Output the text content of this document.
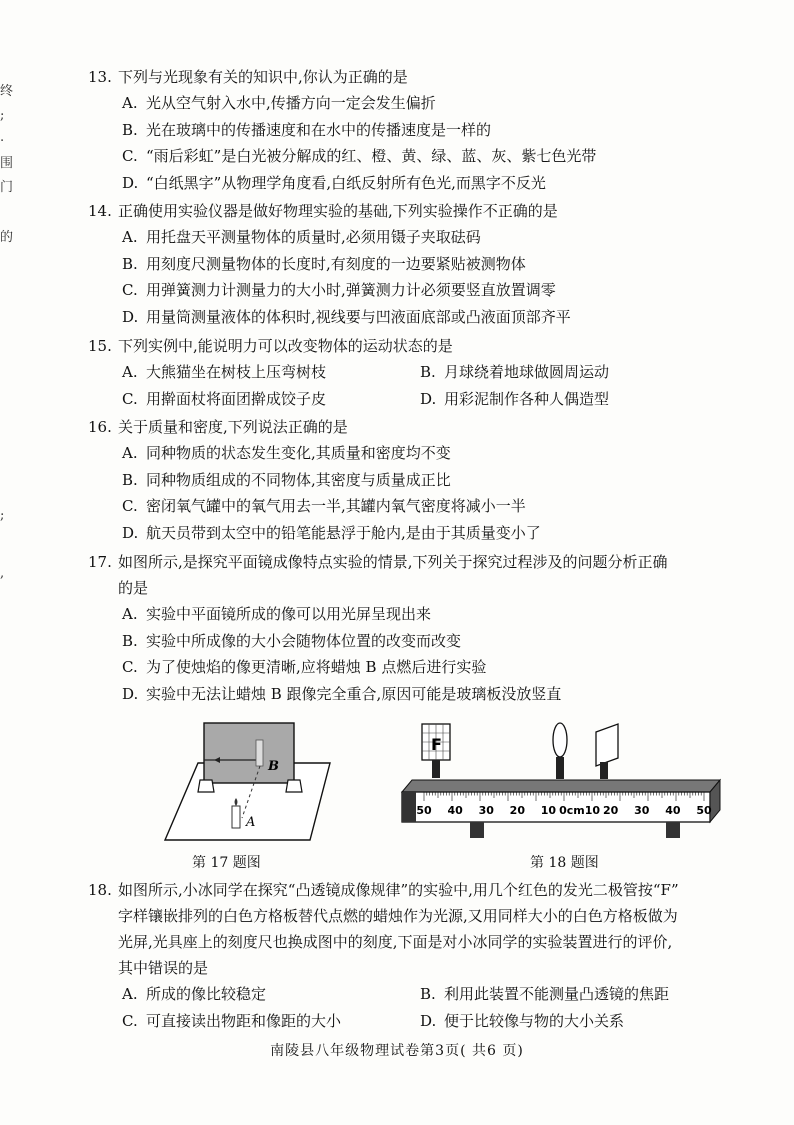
终
;
.
围
门
的
;
,

13. 下列与光现象有关的知识中,你认为正确的是

A. 光从空气射入水中,传播方向一定会发生偏折

B. 光在玻璃中的传播速度和在水中的传播速度是一样的

C. “雨后彩虹”是白光被分解成的红、橙、黄、绿、蓝、灰、紫七色光带

D. “白纸黑字”从物理学角度看,白纸反射所有色光,而黑字不反光

14. 正确使用实验仪器是做好物理实验的基础,下列实验操作不正确的是

A. 用托盘天平测量物体的质量时,必须用镊子夹取砝码

B. 用刻度尺测量物体的长度时,有刻度的一边要紧贴被测物体

C. 用弹簧测力计测量力的大小时,弹簧测力计必须要竖直放置调零

D. 用量筒测量液体的体积时,视线要与凹液面底部或凸液面顶部齐平

15. 下列实例中,能说明力可以改变物体的运动状态的是

A. 大熊猫坐在树枝上压弯树枝	B. 月球绕着地球做圆周运动

C. 用擀面杖将面团擀成饺子皮	D. 用彩泥制作各种人偶造型

16. 关于质量和密度,下列说法正确的是

A. 同种物质的状态发生变化,其质量和密度均不变

B. 同种物质组成的不同物体,其密度与质量成正比

C. 密闭氧气罐中的氧气用去一半,其罐内氧气密度将减小一半

D. 航天员带到太空中的铅笔能悬浮于舱内,是由于其质量变小了

17. 如图所示,是探究平面镜成像特点实验的情景,下列关于探究过程涉及的问题分析正确

的是

A. 实验中平面镜所成的像可以用光屏呈现出来

B. 实验中所成像的大小会随物体位置的改变而改变

C. 为了使烛焰的像更清晰,应将蜡烛 B 点燃后进行实验

D. 实验中无法让蜡烛 B 跟像完全重合,原因可能是玻璃板没放竖直

B
A
第 17 题图
F
50 40 30 20 10 0cm10 20 30 40 50
第 18 题图

18. 如图所示,小冰同学在探究“凸透镜成像规律”的实验中,用几个红色的发光二极管按“F”

字样镶嵌排列的白色方格板替代点燃的蜡烛作为光源,又用同样大小的白色方格板做为

光屏,光具座上的刻度尺也换成图中的刻度,下面是对小冰同学的实验装置进行的评价,

其中错误的是

A. 所成的像比较稳定	B. 利用此装置不能测量凸透镜的焦距

C. 可直接读出物距和像距的大小	D. 便于比较像与物的大小关系

南陵县八年级物理试卷第3页( 共6 页)
